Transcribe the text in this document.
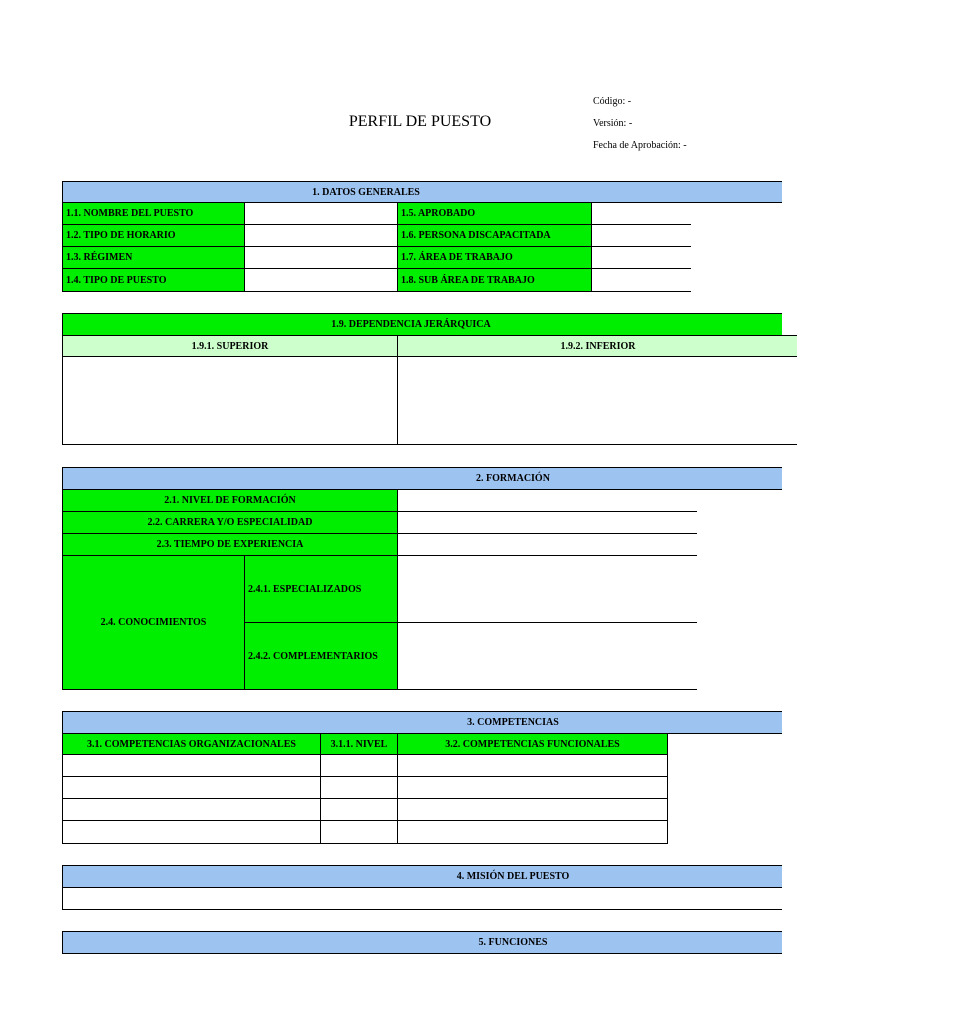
PERFIL DE PUESTO
Código: -
Versión: -
Fecha de Aprobación: -
1. DATOS GENERALES
1.1. NOMBRE DEL PUESTO	1.5. APROBADO
1.2. TIPO DE HORARIO	1.6. PERSONA DISCAPACITADA
1.3. RÉGIMEN	1.7. ÁREA DE TRABAJO
1.4. TIPO DE PUESTO	1.8. SUB ÁREA DE TRABAJO
1.9. DEPENDENCIA JERÁRQUICA
1.9.1. SUPERIOR	1.9.2. INFERIOR
2. FORMACIÓN
2.1. NIVEL DE FORMACIÓN
2.2. CARRERA Y/O ESPECIALIDAD
2.3. TIEMPO DE EXPERIENCIA
2.4. CONOCIMIENTOS
2.4.1. ESPECIALIZADOS
2.4.2. COMPLEMENTARIOS
3. COMPETENCIAS
3.1. COMPETENCIAS ORGANIZACIONALES	3.1.1. NIVEL	3.2. COMPETENCIAS FUNCIONALES
4. MISIÓN DEL PUESTO
5. FUNCIONES
